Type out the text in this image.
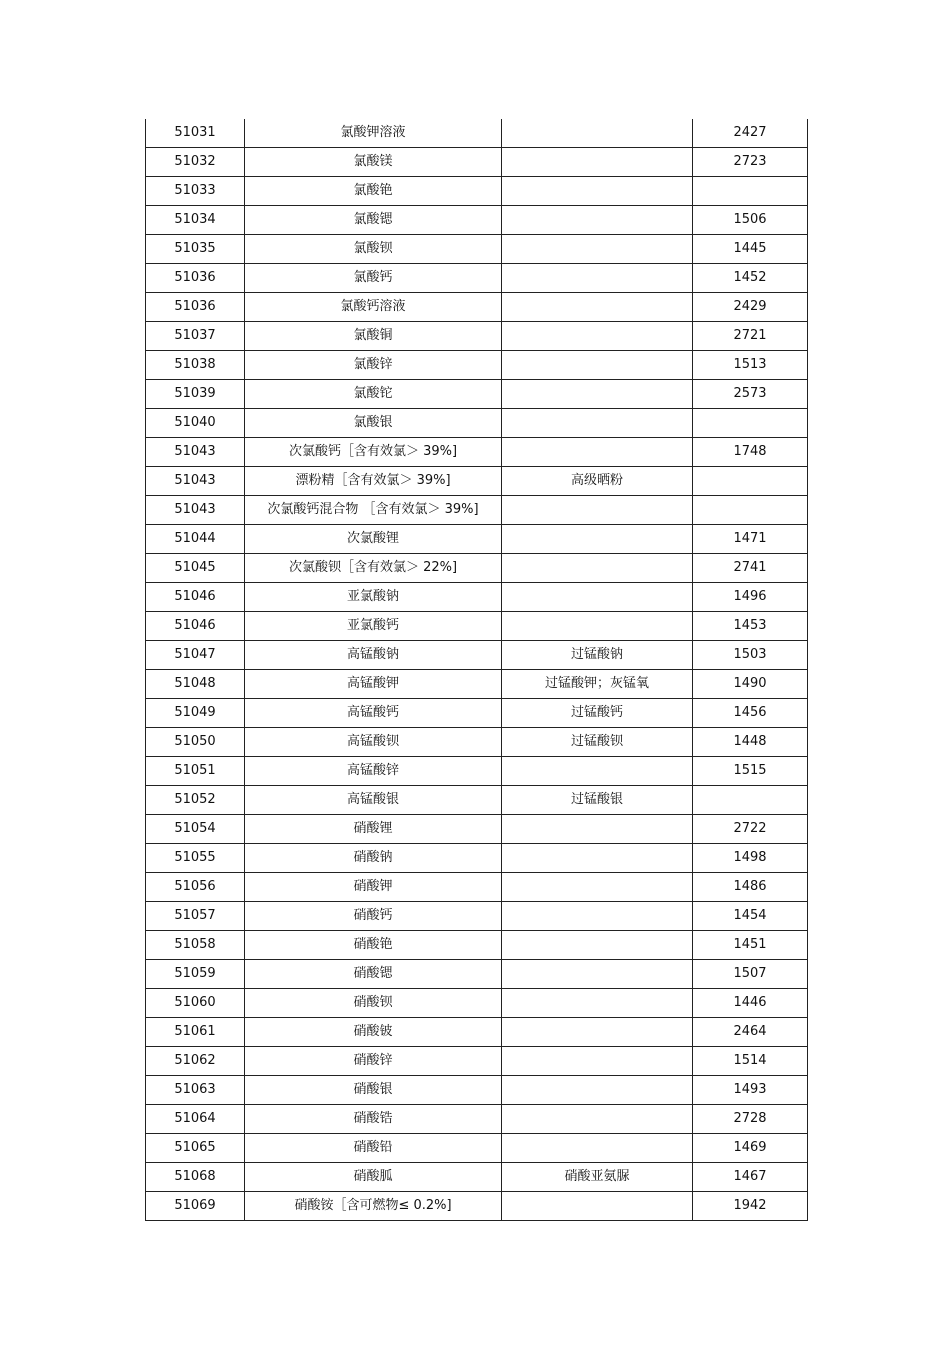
51031	氯酸钾溶液		2427
51032	氯酸镁		2723
51033	氯酸铯		
51034	氯酸锶		1506
51035	氯酸钡		1445
51036	氯酸钙		1452
51036	氯酸钙溶液		2429
51037	氯酸铜		2721
51038	氯酸锌		1513
51039	氯酸铊		2573
51040	氯酸银		
51043	次氯酸钙［含有效氯＞ 39%]		1748
51043	漂粉精［含有效氯＞ 39%]	高级晒粉	
51043	次氯酸钙混合物 ［含有效氯＞ 39%]		
51044	次氯酸锂		1471
51045	次氯酸钡［含有效氯＞ 22%]		2741
51046	亚氯酸钠		1496
51046	亚氯酸钙		1453
51047	高锰酸钠	过锰酸钠	1503
51048	高锰酸钾	过锰酸钾；灰锰氧	1490
51049	高锰酸钙	过锰酸钙	1456
51050	高锰酸钡	过锰酸钡	1448
51051	高锰酸锌		1515
51052	高锰酸银	过锰酸银	
51054	硝酸锂		2722
51055	硝酸钠		1498
51056	硝酸钾		1486
51057	硝酸钙		1454
51058	硝酸铯		1451
51059	硝酸锶		1507
51060	硝酸钡		1446
51061	硝酸铍		2464
51062	硝酸锌		1514
51063	硝酸银		1493
51064	硝酸锆		2728
51065	硝酸铅		1469
51068	硝酸胍	硝酸亚氨脲	1467
51069	硝酸铵［含可燃物≤ 0.2%]		1942
